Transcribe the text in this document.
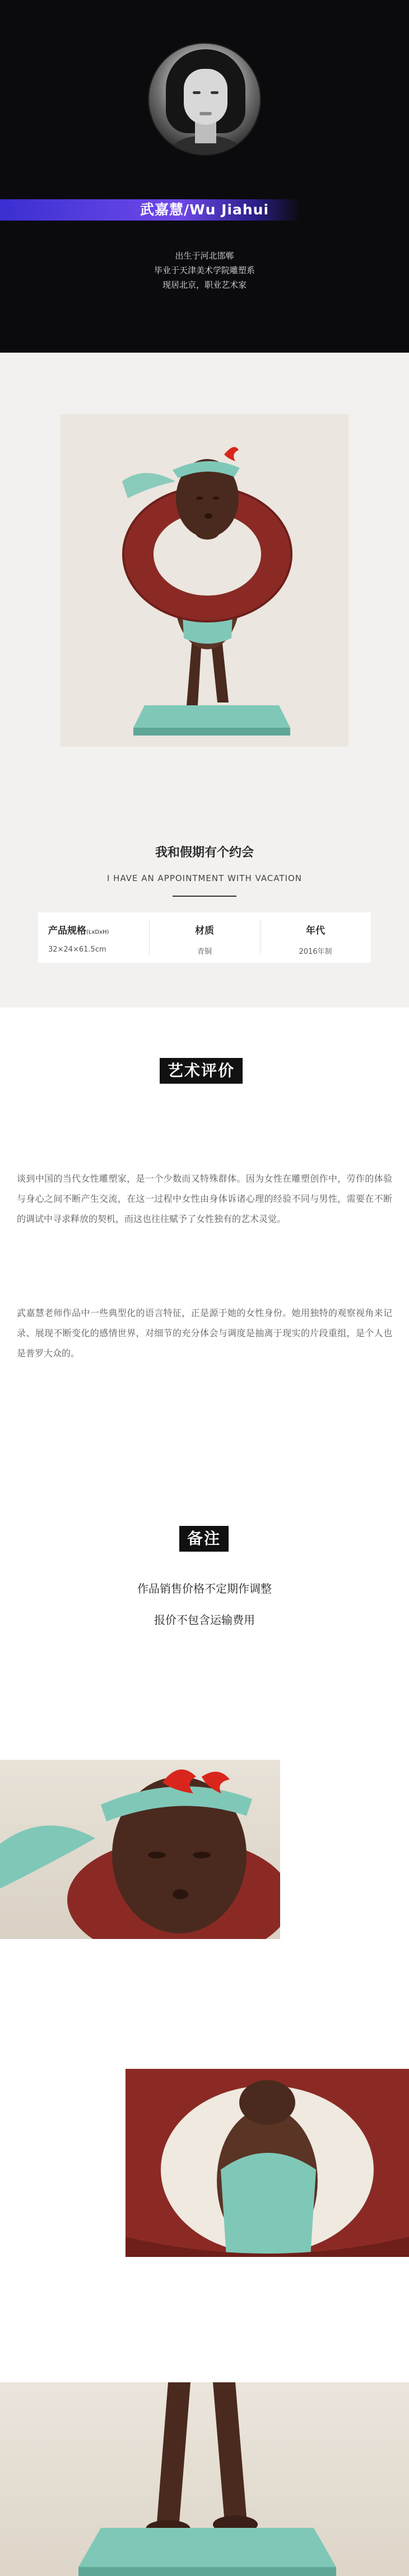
武嘉慧/Wu Jiahui
出生于河北邯郸
毕业于天津美术学院雕塑系
现居北京，职业艺术家
我和假期有个约会
I HAVE AN APPOINTMENT WITH VACATION
产品规格(LxDxH)
32×24×61.5cm
材质
青铜
年代
2016年制
艺术评价

谈到中国的当代女性雕塑家，是一个少数而又特殊群体。因为女性在雕塑创作中，劳作的体验与身心之间不断产生交流，在这一过程中女性由身体诉诸心理的经验不同与男性，需要在不断的调试中寻求释放的契机，而这也往往赋予了女性独有的艺术灵觉。

武嘉慧老师作品中一些典型化的语言特征，正是源于她的女性身份。她用独特的观察视角来记录、展现不断变化的感情世界，对细节的充分体会与调度是抽离于现实的片段重组，是个人也是普罗大众的。

备注
作品销售价格不定期作调整
报价不包含运输费用
